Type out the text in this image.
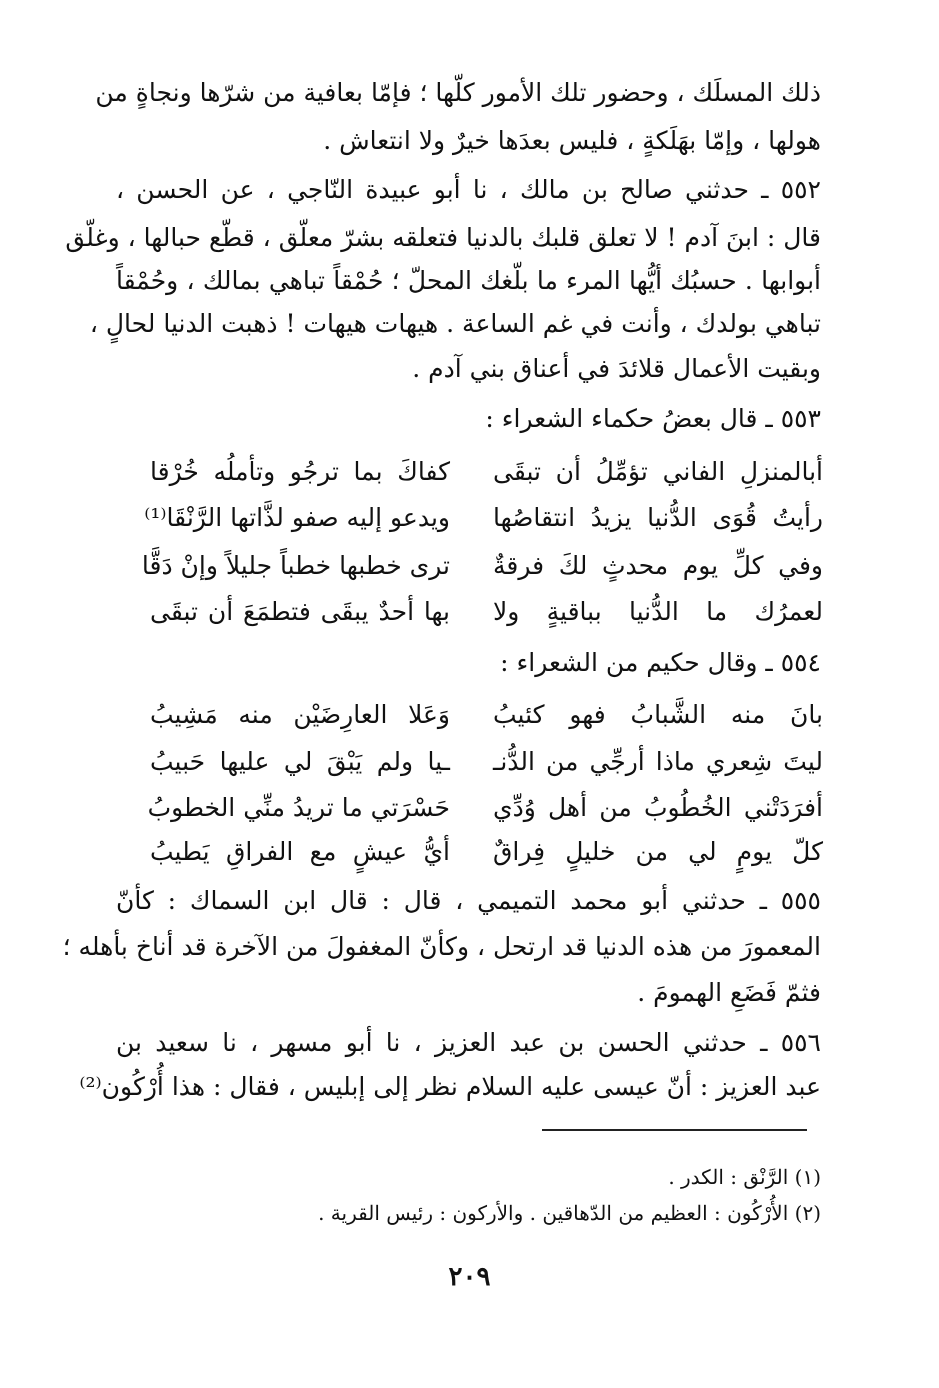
ذلك المسلَك ، وحضور تلك الأمور كلّها ؛ فإمّا بعافية من شرّها ونجاةٍ من
هولها ، وإمّا بهَلَكةٍ ، فليس بعدَها خيرٌ ولا انتعاش .
٥٥٢ ـ حدثني صالح بن مالك ، نا أبو عبيدة النّاجي ، عن الحسن ،
قال : ابنَ آدم ! لا تعلق قلبك بالدنيا فتعلقه بشرّ معلّق ، قطّع حبالها ، وغلّق
أبوابها . حسبُك أيُّها المرء ما بلّغك المحلّ ؛ حُمْقاً تباهي بمالك ، وحُمْقاً
تباهي بولدك ، وأنت في غم الساعة . هيهات هيهات ! ذهبت الدنيا لحالٍ ،
وبقيت الأعمال قلائدَ في أعناق بني آدم .
٥٥٣ ـ قال بعضُ حكماء الشعراء :
أبالمنزلِ الفاني تؤمِّلُ أن تبقَى
كفاكَ بما ترجُو وتأملُه خُرْقا
رأيتُ قُوَى الدُّنيا يزيدُ انتقاصُها
ويدعو إليه صفو لذَّاتها الرَّنْقَا⁽¹⁾
وفي كلِّ يوم محدثٍ لكَ فرقةٌ
ترى خطبها خطباً جليلاً وإنْ دَقَّا
لعمرُك ما الدُّنيا بباقيةٍ ولا
بها أحدٌ يبقَى فتطمَعَ أن تبقَى
٥٥٤ ـ وقال حكيم من الشعراء :
بانَ منه الشَّبابُ فهو كئيبُ
وَعَلا العارِضَيْن منه مَشِيبُ
ليتَ شِعري ماذا أرجِّي من الدُّنـ
ـيا ولم يَبْقَ لي عليها حَبيبُ
أفرَدَتْني الخُطُوبُ من أهل وُدِّي
حَسْرَتي ما تريدُ منِّي الخطوبُ
كلّ يومٍ لي من خليلٍ فِراقٌ
أيُّ عيشٍ مع الفراقِ يَطيبُ
٥٥٥ ـ حدثني أبو محمد التميمي ، قال : قال ابن السماك : كأنّ
المعمورَ من هذه الدنيا قد ارتحل ، وكأنّ المغفولَ من الآخرة قد أناخ بأهله ؛
فثمّ فَضَعِ الهمومَ .
٥٥٦ ـ حدثني الحسن بن عبد العزيز ، نا أبو مسهر ، نا سعيد بن
عبد العزيز : أنّ عيسى عليه السلام نظر إلى إبليس ، فقال : هذا أُرْكُون⁽²⁾
(١) الرَّنْق : الكدر .
(٢) الأُرْكُون : العظيم من الدّهاقين . والأركون : رئيس القرية .
٢٠٩
